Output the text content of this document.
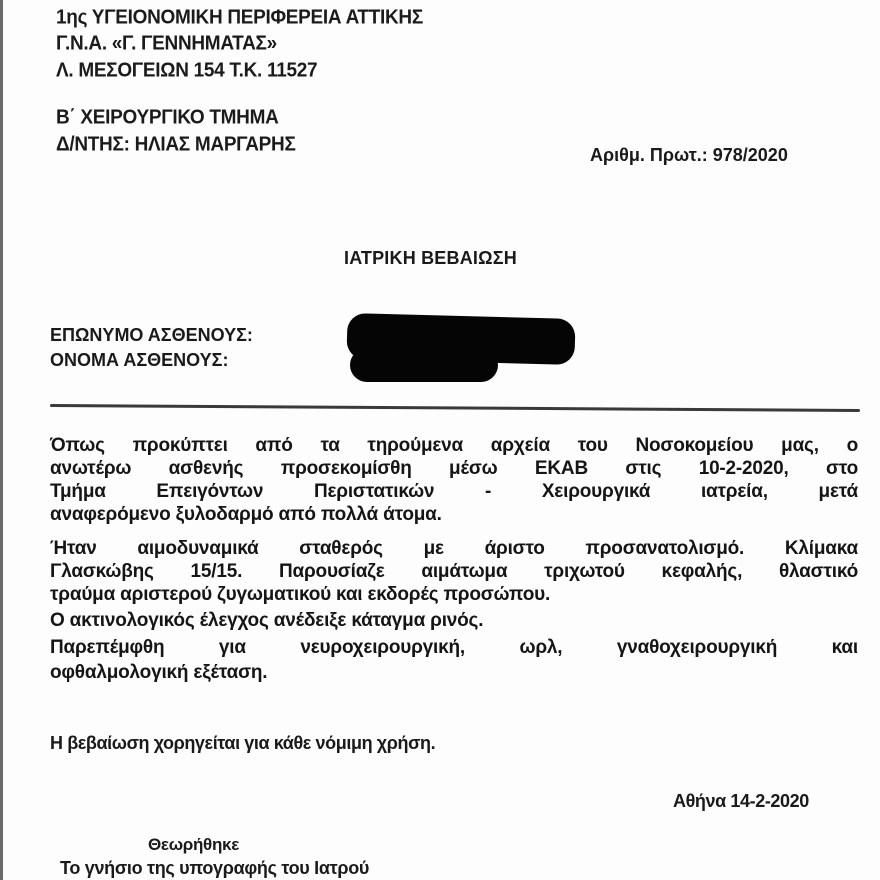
1ης ΥΓΕΙΟΝΟΜΙΚΗ ΠΕΡΙΦΕΡΕΙΑ ΑΤΤΙΚΗΣ
Γ.Ν.Α. «Γ. ΓΕΝΝΗΜΑΤΑΣ»
Λ. ΜΕΣΟΓΕΙΩΝ 154 Τ.Κ. 11527
Β΄ ΧΕΙΡΟΥΡΓΙΚΟ ΤΜΗΜΑ
Δ/ΝΤΗΣ: ΗΛΙΑΣ ΜΑΡΓΑΡΗΣ	Αριθμ. Πρωτ.: 978/2020
ΙΑΤΡΙΚΗ ΒΕΒΑΙΩΣΗ
ΕΠΩΝΥΜΟ ΑΣΘΕΝΟΥΣ:
ΟΝΟΜΑ ΑΣΘΕΝΟΥΣ:
Όπως προκύπτει από τα τηρούμενα αρχεία του Νοσοκομείου μας, ο
ανωτέρω ασθενής προσεκομίσθη μέσω ΕΚΑΒ στις 10-2-2020, στο
Τμήμα Επειγόντων Περιστατικών - Χειρουργικά ιατρεία, μετά
αναφερόμενο ξυλοδαρμό από πολλά άτομα.
Ήταν αιμοδυναμικά σταθερός με άριστο προσανατολισμό. Κλίμακα
Γλασκώβης 15/15. Παρουσίαζε αιμάτωμα τριχωτού κεφαλής, θλαστικό
τραύμα αριστερού ζυγωματικού και εκδορές προσώπου.
Ο ακτινολογικός έλεγχος ανέδειξε κάταγμα ρινός.
Παρεπέμφθη για νευροχειρουργική, ωρλ, γναθοχειρουργική και
οφθαλμολογική εξέταση.
Η βεβαίωση χορηγείται για κάθε νόμιμη χρήση.
Αθήνα 14-2-2020
Θεωρήθηκε
Το γνήσιο της υπογραφής του Ιατρού
